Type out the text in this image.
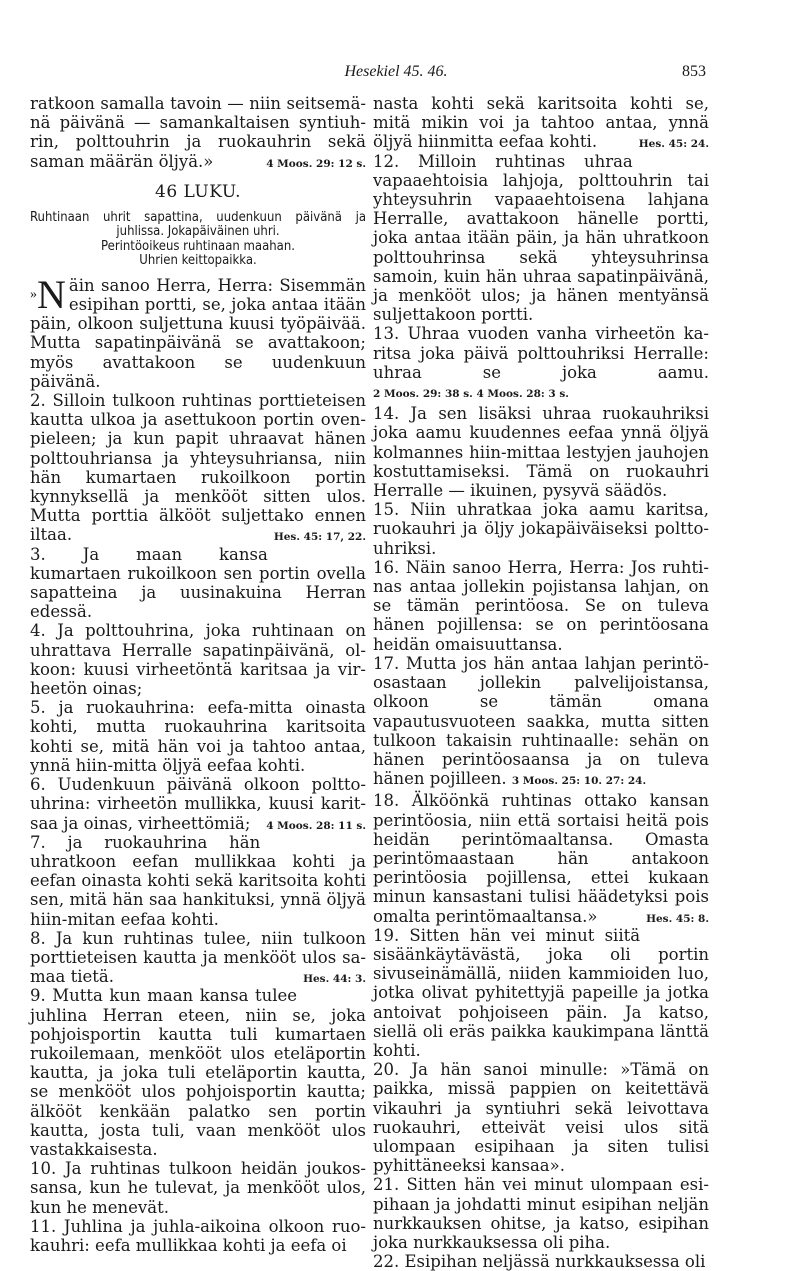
Hesekiel 45. 46.	853

ratkoon samalla tavoin — niin seitsemänä päivänä — samankaltaisen syntiuhrin, polttouhrin ja ruokauhrin sekä saman määrän öljyä.»	4 Moos. 29: 12 s.

46 LUKU.
Ruhtinaan uhrit sapattina, uudenkuun päivänä ja juhlissa. Jokapäiväinen uhri.
Perintöoikeus ruhtinaan maahan.
Uhrien keittopaikka.

»N äin sanoo Herra, Herra: Sisemmän esipihan portti, se, joka antaa itään päin, olkoon suljettuna kuusi työpäivää. Mutta sapatinpäivänä se avattakoon; myös avattakoon se uudenkuun päivänä.

2. Silloin tulkoon ruhtinas porttieteisen kautta ulkoa ja asettukoon portin ovenpieleen; ja kun papit uhraavat hänen polttouhriansa ja yhteysuhriansa, niin hän kumartaen rukoilkoon portin kynnyksellä ja menkööt sitten ulos. Mutta porttia älkööt suljettako ennen iltaa.	Hes. 45: 17, 22.

3. Ja maan kansa kumartaen rukoilkoon sen portin ovella sapatteina ja uusinakuina Herran edessä.

4. Ja polttouhrina, joka ruhtinaan on uhrattava Herralle sapatinpäivänä, olkoon: kuusi virheetöntä karitsaa ja virheetön oinas;

5. ja ruokauhrina: eefa-mitta oinasta kohti, mutta ruokauhrina karitsoita kohti se, mitä hän voi ja tahtoo antaa, ynnä hiin-mitta öljyä eefaa kohti.

6. Uudenkuun päivänä olkoon polttouhrina: virheetön mullikka, kuusi karitsaa ja oinas, virheettömiä; 4 Moos. 28: 11 s.

7. ja ruokauhrina hän uhratkoon eefan mullikkaa kohti ja eefan oinasta kohti sekä karitsoita kohti sen, mitä hän saa hankituksi, ynnä öljyä hiin-mitan eefaa kohti.

8. Ja kun ruhtinas tulee, niin tulkoon porttieteisen kautta ja menkööt ulos samaa tietä.	Hes. 44: 3.

9. Mutta kun maan kansa tulee juhlina Herran eteen, niin se, joka pohjoisportin kautta tuli kumartaen rukoilemaan, menkööt ulos eteläportin kautta, ja joka tuli eteläportin kautta, se menkööt ulos pohjoisportin kautta; älkööt kenkään palatko sen portin kautta, josta tuli, vaan menkööt ulos vastakkaisesta.

10. Ja ruhtinas tulkoon heidän joukossansa, kun he tulevat, ja menkööt ulos, kun he menevät.

11. Juhlina ja juhla-aikoina olkoon ruokauhri: eefa mullikkaa kohti ja eefa oi

nasta kohti sekä karitsoita kohti se, mitä mikin voi ja tahtoo antaa, ynnä öljyä hiinmitta eefaa kohti.	Hes. 45: 24.

12. Milloin ruhtinas uhraa vapaaehtoisia lahjoja, polttouhrin tai yhteysuhrin vapaaehtoisena lahjana Herralle, avattakoon hänelle portti, joka antaa itään päin, ja hän uhratkoon polttouhrinsa sekä yhteysuhrinsa samoin, kuin hän uhraa sapatinpäivänä, ja menkööt ulos; ja hänen mentyänsä suljettakoon portti.

13. Uhraa vuoden vanha virheetön karitsa joka päivä polttouhriksi Herralle: uhraa se joka aamu. 2 Moos. 29: 38 s. 4 Moos. 28: 3 s.

14. Ja sen lisäksi uhraa ruokauhriksi joka aamu kuudennes eefaa ynnä öljyä kolmannes hiin-mittaa lestyjen jauhojen kostuttamiseksi. Tämä on ruokauhri Herralle — ikuinen, pysyvä säädös.

15. Niin uhratkaa joka aamu karitsa, ruokauhri ja öljy jokapäiväiseksi polttouhriksi.

16. Näin sanoo Herra, Herra: Jos ruhtinas antaa jollekin pojistansa lahjan, on se tämän perintöosa. Se on tuleva hänen pojillensa: se on perintöosana heidän omaisuuttansa.

17. Mutta jos hän antaa lahjan perintöosastaan jollekin palvelijoistansa, olkoon se tämän omana vapautusvuoteen saakka, mutta sitten tulkoon takaisin ruhtinaalle: sehän on hänen perintöosaansa ja on tuleva hänen pojilleen. 3 Moos. 25: 10. 27: 24.

18. Älköönkä ruhtinas ottako kansan perintöosia, niin että sortaisi heitä pois heidän perintömaaltansa. Omasta perintömaastaan hän antakoon perintöosia pojillensa, ettei kukaan minun kansastani tulisi häädetyksi pois omalta perintömaaltansa.»	Hes. 45: 8.

19. Sitten hän vei minut siitä sisäänkäytävästä, joka oli portin sivuseinämällä, niiden kammioiden luo, jotka olivat pyhitettyjä papeille ja jotka antoivat pohjoiseen päin. Ja katso, siellä oli eräs paikka kaukimpana länttä kohti.

20. Ja hän sanoi minulle: »Tämä on paikka, missä pappien on keitettävä vikauhri ja syntiuhri sekä leivottava ruokauhri, etteivät veisi ulos sitä ulompaan esipihaan ja siten tulisi pyhittäneeksi kansaa».

21. Sitten hän vei minut ulompaan esipihaan ja johdatti minut esipihan neljän nurkkauksen ohitse, ja katso, esipihan joka nurkkauksessa oli piha.

22. Esipihan neljässä nurkkauksessa oli
